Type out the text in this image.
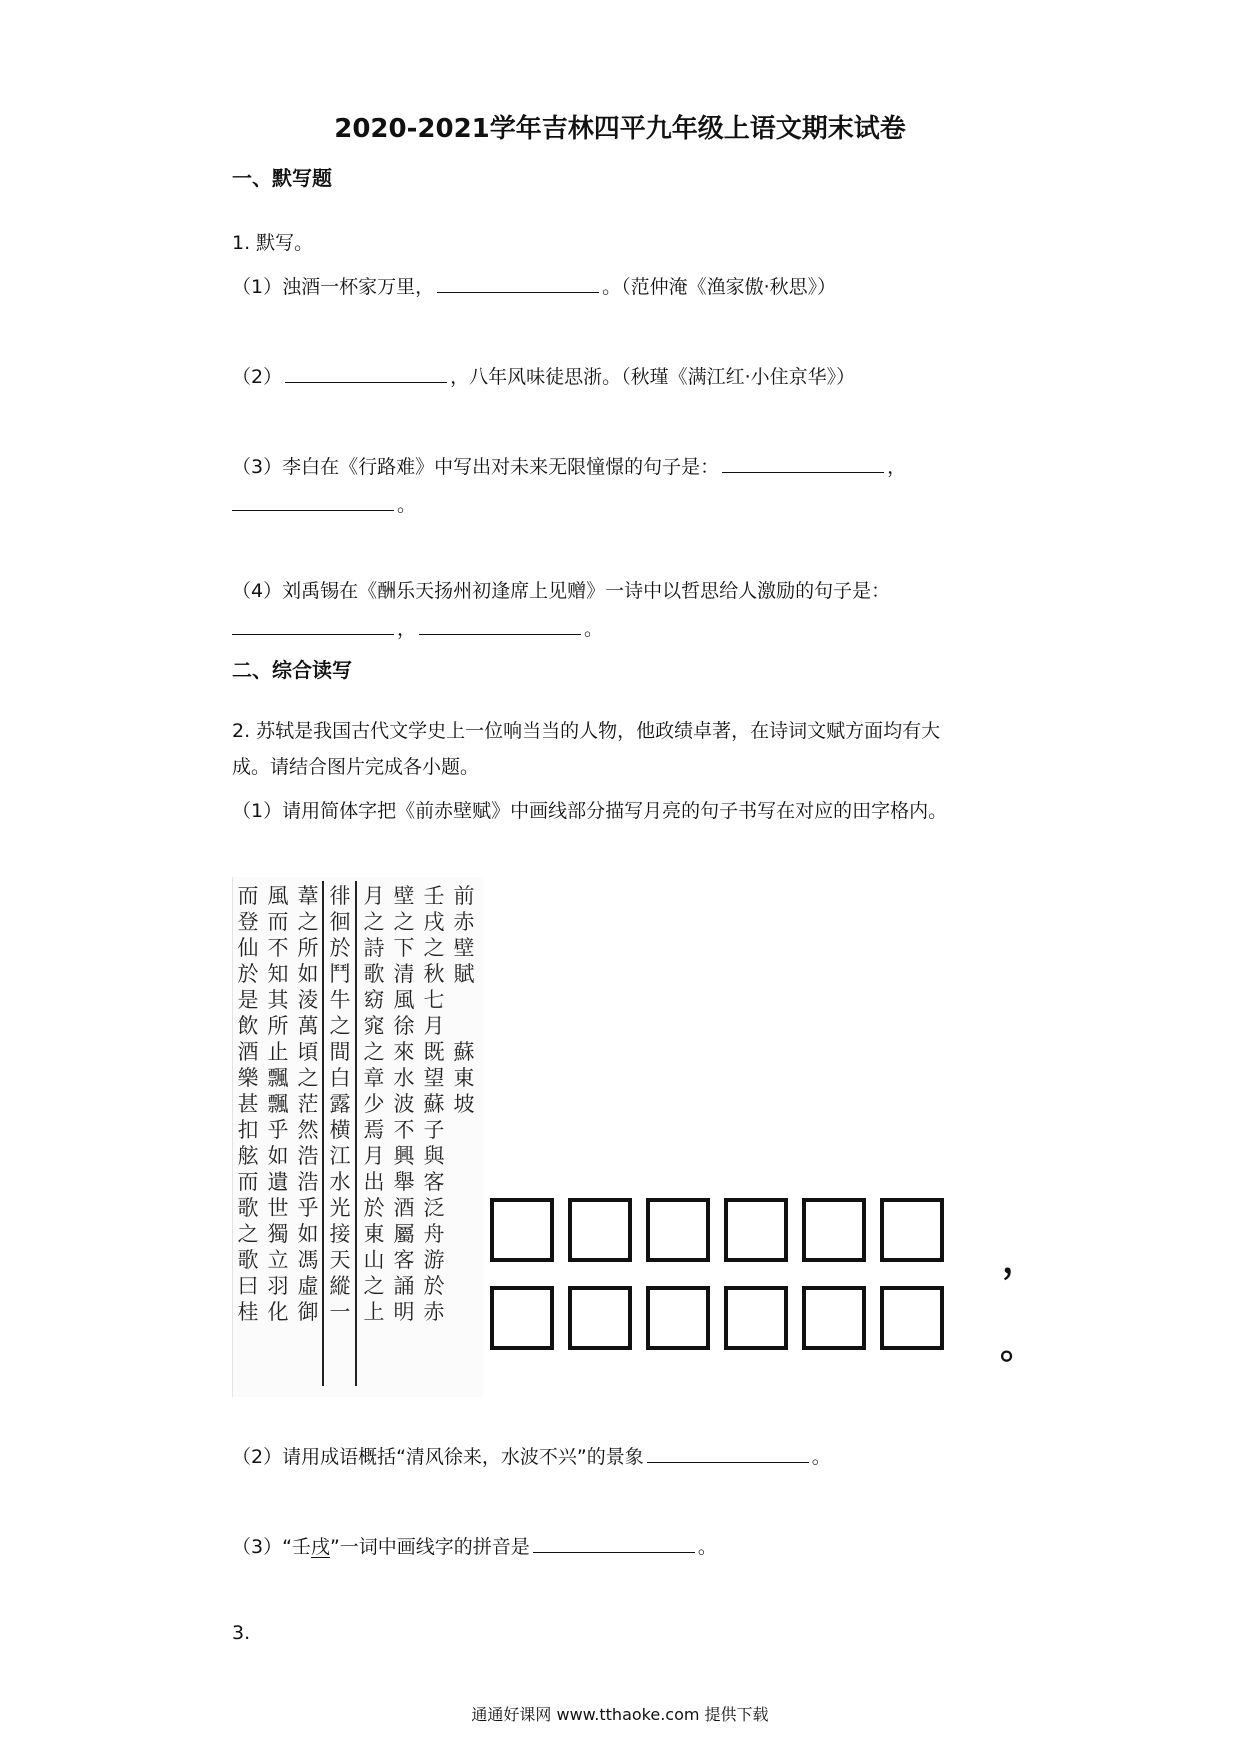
2020-2021学年吉林四平九年级上语文期末试卷
一、默写题
1. 默写。
（1）浊酒一杯家万里，	。（范仲淹《渔家傲·秋思》）
（2）	，八年风味徒思浙。（秋瑾《满江红·小住京华》）
（3）李白在《行路难》中写出对未来无限憧憬的句子是：	，
。
（4）刘禹锡在《酬乐天扬州初逢席上见赠》一诗中以哲思给人激励的句子是：
，	。
二、综合读写
2. 苏轼是我国古代文学史上一位响当当的人物，他政绩卓著，在诗词文赋方面均有大
成。请结合图片完成各小题。
（1）请用简体字把《前赤壁赋》中画线部分描写月亮的句子书写在对应的田字格内。
前赤壁賦
壬戌之秋七月既望蘇子與客泛舟游於赤
壁之下清風徐來水波不興舉酒屬客誦明
月之詩歌窈窕之章少焉月出於東山之上
徘徊於鬥牛之間白露横江水光接天縱一
葦之所如淩萬頃之茫然浩浩乎如馮虛御
風而不知其所止飄飄乎如遺世獨立羽化
而登仙於是飲酒樂甚扣舷而歌之歌曰桂
蘇東坡
，
。
（2）请用成语概括“清风徐来，水波不兴”的景象	。
（3）“壬戌”一词中画线字的拼音是	。
3.
通通好课网 www.tthaoke.com 提供下载
